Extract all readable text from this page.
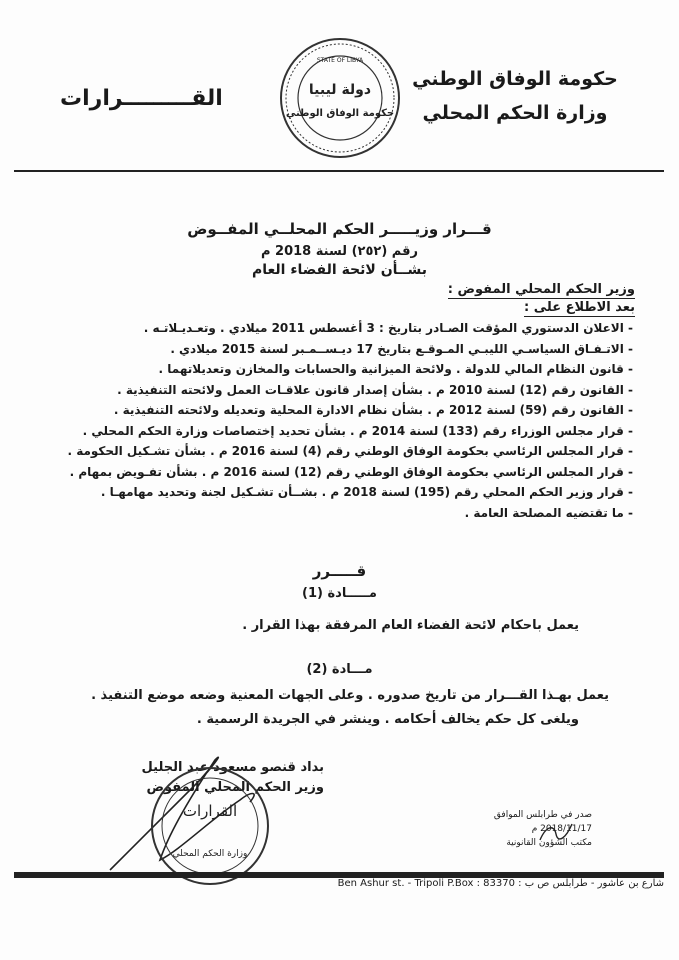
حكومة الوفاق الوطني
وزارة الحكم المحلي
القـــــــــرارات
STATE OF LIBYA
دولة ليبيا
حكومة الوفاق الوطني
قـــرار وزيـــــر الحكم المحلــي المفــوض
رقم (٢٥٢) لسنة 2018 م
بشــأن لائحة الفضاء العام
وزير الحكم المحلي المفوض :
بعد الاطلاع على :
- الاعلان الدستوري المؤقت الصـادر بتاريخ : 3 أغسطس 2011 ميلادي . وتعـديـلاتـه .
- الاتـفـاق السياسـي الليبـي المـوقـع بتاريخ 17 ديـســمـبر لسنة 2015 ميلادي .
- قانون النظام المالي للدولة . ولائحة الميزانية والحسابات والمخازن وتعديلاتهما .
- القانون رقم (12) لسنة 2010 م . بشأن إصدار قانون علاقـات العمل ولائحته التنفيذية .
- القانون رقم (59) لسنة 2012 م . بشأن نظام الادارة المحلية وتعديله ولائحته التنفيذية .
- قرار مجلس الوزراء رقم (133) لسنة 2014 م . بشأن تحديد إختصاصات وزارة الحكم المحلي .
- قرار المجلس الرئاسي بحكومة الوفاق الوطني رقم (4) لسنة 2016 م . بشأن تشـكيل الحكومة .
- قرار المجلس الرئاسي بحكومة الوفاق الوطني رقم (12) لسنة 2016 م . بشأن تفـويض بمهام .
- قرار وزير الحكم المحلي رقم (195) لسنة 2018 م . بشــأن تشـكيل لجنة وتحديد مهامهـا .
- ما تقتضيه المصلحة العامة .
قـــــرر
مـــــادة (1)
يعمل باحكام لائحة الفضاء العام المرفقة بهذا القرار .
مـــادة (2)
يعمل بهـذا القـــرار من تاريخ صدوره . وعلى الجهات المعنية وضعه موضع التنفيذ .
ويلغى كل حكم يخالف أحكامه . وينشر في الجريدة الرسمية .
بداد قنصو مسعود عبد الجليل
وزير الحكم المحلي المفوض
القرارات
وزارة الحكم المحلي
صدر في طرابلس الموافق 2018/11/17 م
مكتب الشؤون القانونية
شارع بن عاشور - طرابلس ص ب : Ben Ashur st. - Tripoli P.Box : 83370
